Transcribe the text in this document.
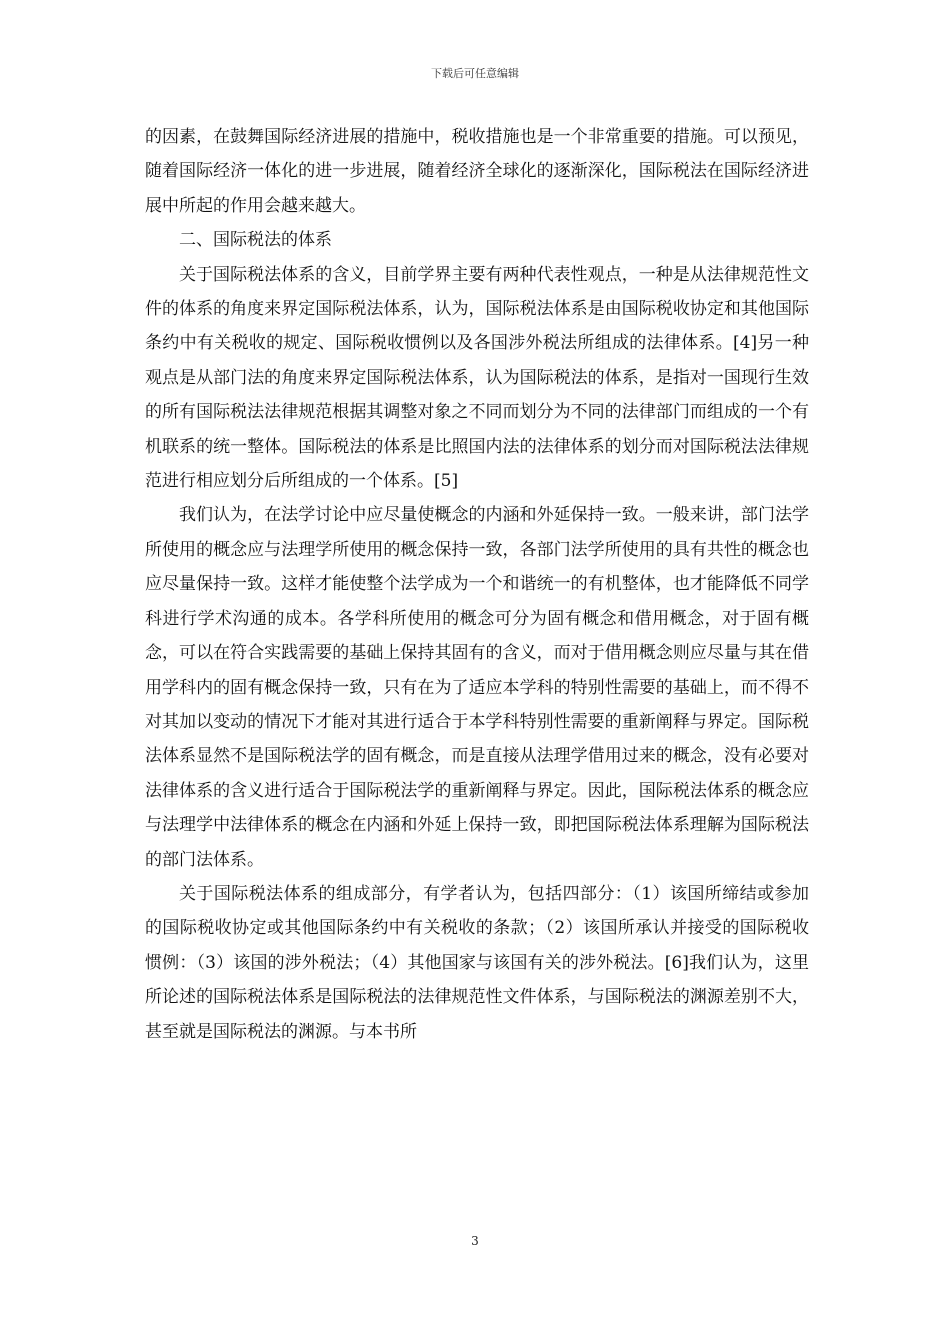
下载后可任意编辑

的因素，在鼓舞国际经济进展的措施中，税收措施也是一个非常重要的措施。可以预见，随着国际经济一体化的进一步进展，随着经济全球化的逐渐深化，国际税法在国际经济进展中所起的作用会越来越大。

二、国际税法的体系

关于国际税法体系的含义，目前学界主要有两种代表性观点，一种是从法律规范性文件的体系的角度来界定国际税法体系，认为，国际税法体系是由国际税收协定和其他国际条约中有关税收的规定、国际税收惯例以及各国涉外税法所组成的法律体系。[4]另一种观点是从部门法的角度来界定国际税法体系，认为国际税法的体系，是指对一国现行生效的所有国际税法法律规范根据其调整对象之不同而划分为不同的法律部门而组成的一个有机联系的统一整体。国际税法的体系是比照国内法的法律体系的划分而对国际税法法律规范进行相应划分后所组成的一个体系。[5]

我们认为，在法学讨论中应尽量使概念的内涵和外延保持一致。一般来讲，部门法学所使用的概念应与法理学所使用的概念保持一致，各部门法学所使用的具有共性的概念也应尽量保持一致。这样才能使整个法学成为一个和谐统一的有机整体，也才能降低不同学科进行学术沟通的成本。各学科所使用的概念可分为固有概念和借用概念，对于固有概念，可以在符合实践需要的基础上保持其固有的含义，而对于借用概念则应尽量与其在借用学科内的固有概念保持一致，只有在为了适应本学科的特别性需要的基础上，而不得不对其加以变动的情况下才能对其进行适合于本学科特别性需要的重新阐释与界定。国际税法体系显然不是国际税法学的固有概念，而是直接从法理学借用过来的概念，没有必要对法律体系的含义进行适合于国际税法学的重新阐释与界定。因此，国际税法体系的概念应与法理学中法律体系的概念在内涵和外延上保持一致，即把国际税法体系理解为国际税法的部门法体系。

关于国际税法体系的组成部分，有学者认为，包括四部分：（1）该国所缔结或参加的国际税收协定或其他国际条约中有关税收的条款；（2）该国所承认并接受的国际税收惯例：（3）该国的涉外税法；（4）其他国家与该国有关的涉外税法。[6]我们认为，这里所论述的国际税法体系是国际税法的法律规范性文件体系，与国际税法的渊源差别不大，甚至就是国际税法的渊源。与本书所

3
